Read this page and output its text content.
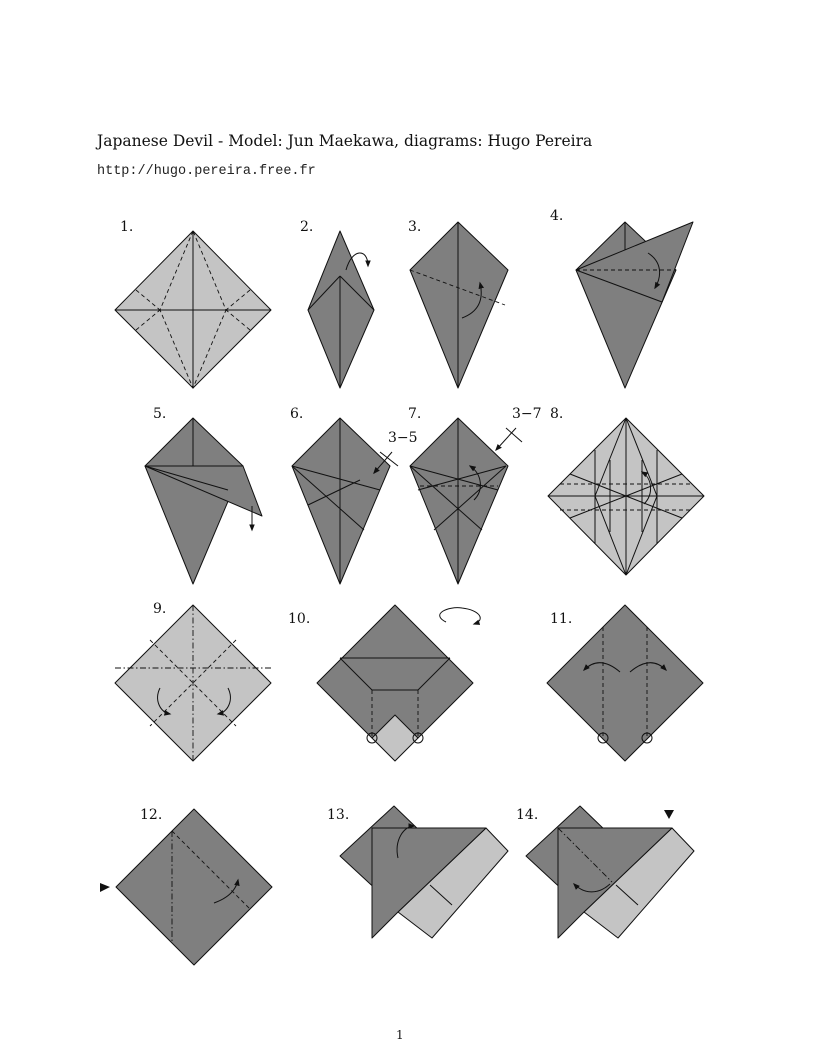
Japanese Devil - Model: Jun Maekawa, diagrams: Hugo Pereira
http://hugo.pereira.free.fr
1.	2.	3.
4.
5.	6.
3−5
7.	3−7 8.
9.
10.	11.
12.	13.	14.
1
